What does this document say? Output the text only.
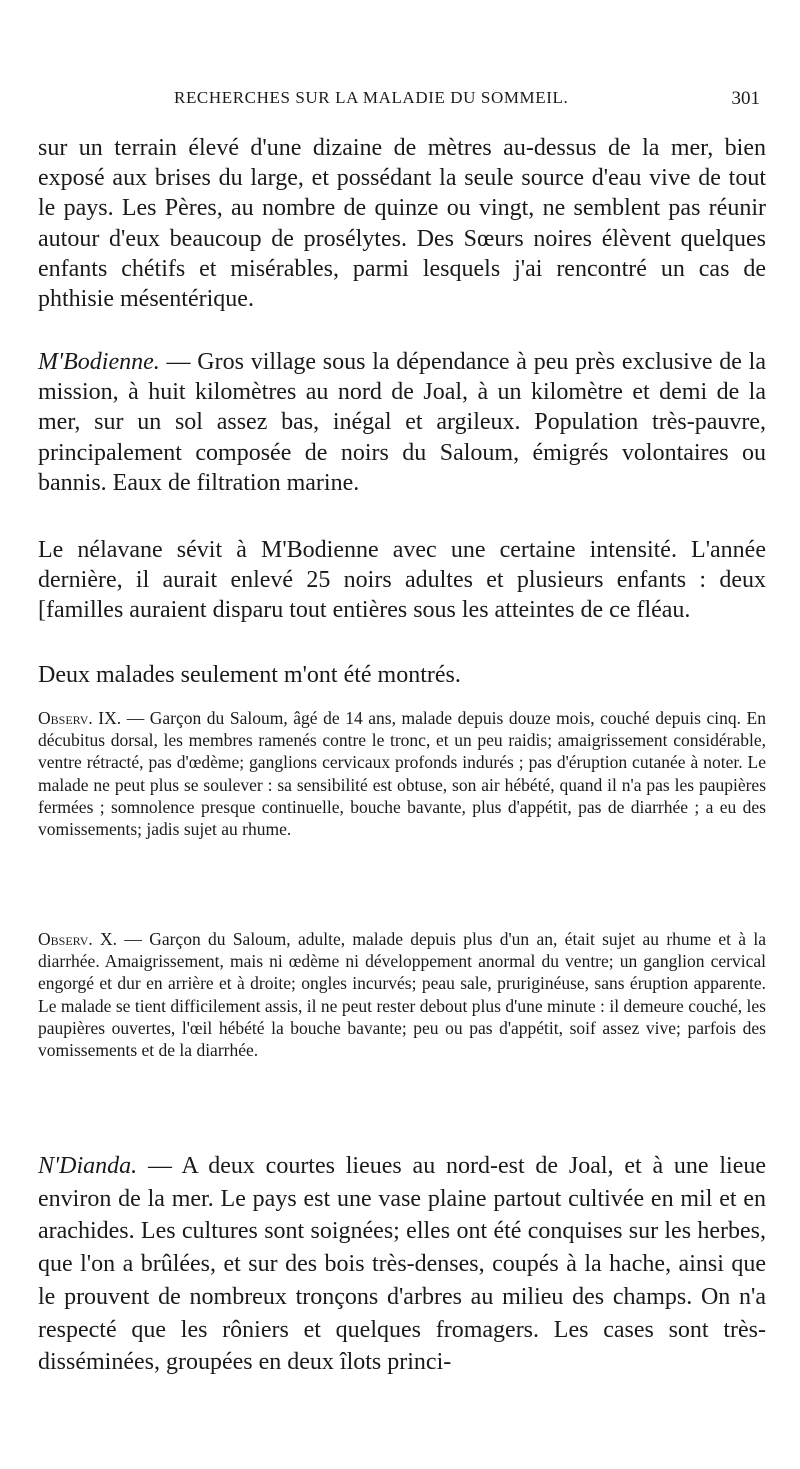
RECHERCHES SUR LA MALADIE DU SOMMEIL.	301

sur un terrain élevé d'une dizaine de mètres au-dessus de la mer, bien exposé aux brises du large, et possédant la seule source d'eau vive de tout le pays. Les Pères, au nombre de quinze ou vingt, ne semblent pas réunir autour d'eux beaucoup de prosélytes. Des Sœurs noires élèvent quelques enfants chétifs et misérables, parmi lesquels j'ai rencontré un cas de phthisie mésentérique.

M'Bodienne. — Gros village sous la dépendance à peu près exclusive de la mission, à huit kilomètres au nord de Joal, à un kilomètre et demi de la mer, sur un sol assez bas, inégal et argileux. Population très-pauvre, principalement composée de noirs du Saloum, émigrés volontaires ou bannis. Eaux de filtration marine.

Le nélavane sévit à M'Bodienne avec une certaine intensité. L'année dernière, il aurait enlevé 25 noirs adultes et plusieurs enfants : deux [familles auraient disparu tout entières sous les atteintes de ce fléau.

Deux malades seulement m'ont été montrés.

Observ. IX. — Garçon du Saloum, âgé de 14 ans, malade depuis douze mois, couché depuis cinq. En décubitus dorsal, les membres ramenés contre le tronc, et un peu raidis; amaigrissement considérable, ventre rétracté, pas d'œdème; ganglions cervicaux profonds indurés ; pas d'éruption cutanée à noter. Le malade ne peut plus se soulever : sa sensibilité est obtuse, son air hébété, quand il n'a pas les paupières fermées ; somnolence presque continuelle, bouche bavante, plus d'appétit, pas de diarrhée ; a eu des vomissements; jadis sujet au rhume.

Observ. X. — Garçon du Saloum, adulte, malade depuis plus d'un an, était sujet au rhume et à la diarrhée. Amaigrissement, mais ni œdème ni développement anormal du ventre; un ganglion cervical engorgé et dur en arrière et à droite; ongles incurvés; peau sale, pruriginéuse, sans éruption apparente. Le malade se tient difficilement assis, il ne peut rester debout plus d'une minute : il demeure couché, les paupières ouvertes, l'œil hébété la bouche bavante; peu ou pas d'appétit, soif assez vive; parfois des vomissements et de la diarrhée.

N'Dianda. — A deux courtes lieues au nord-est de Joal, et à une lieue environ de la mer. Le pays est une vase plaine partout cultivée en mil et en arachides. Les cultures sont soignées; elles ont été conquises sur les herbes, que l'on a brûlées, et sur des bois très-denses, coupés à la hache, ainsi que le prouvent de nombreux tronçons d'arbres au milieu des champs. On n'a respecté que les rôniers et quelques fromagers. Les cases sont très-disséminées, groupées en deux îlots princi-
